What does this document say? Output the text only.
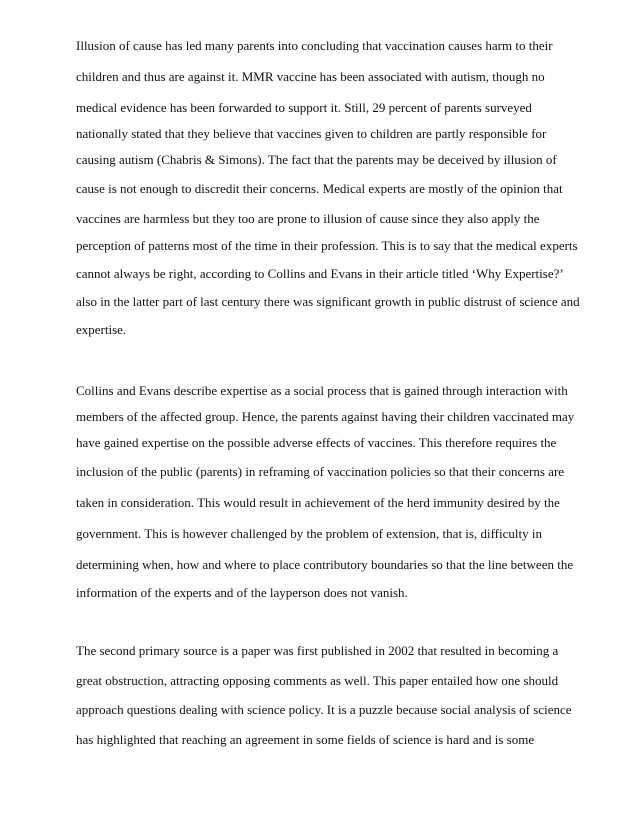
Illusion of cause has led many parents into concluding that vaccination causes harm to their

children and thus are against it. MMR vaccine has been associated with autism, though no

medical evidence has been forwarded to support it. Still, 29 percent of parents surveyed

nationally stated that they believe that vaccines given to children are partly responsible for

causing autism (Chabris & Simons). The fact that the parents may be deceived by illusion of

cause is not enough to discredit their concerns. Medical experts are mostly of the opinion that

vaccines are harmless but they too are prone to illusion of cause since they also apply the

perception of patterns most of the time in their profession. This is to say that the medical experts

cannot always be right, according to Collins and Evans in their article titled ‘Why Expertise?’

also in the latter part of last century there was significant growth in public distrust of science and

expertise.

Collins and Evans describe expertise as a social process that is gained through interaction with

members of the affected group. Hence, the parents against having their children vaccinated may

have gained expertise on the possible adverse effects of vaccines. This therefore requires the

inclusion of the public (parents) in reframing of vaccination policies so that their concerns are

taken in consideration. This would result in achievement of the herd immunity desired by the

government. This is however challenged by the problem of extension, that is, difficulty in

determining when, how and where to place contributory boundaries so that the line between the

information of the experts and of the layperson does not vanish.

The second primary source is a paper was first published in 2002 that resulted in becoming a

great obstruction, attracting opposing comments as well. This paper entailed how one should

approach questions dealing with science policy. It is a puzzle because social analysis of science

has highlighted that reaching an agreement in some fields of science is hard and is some
